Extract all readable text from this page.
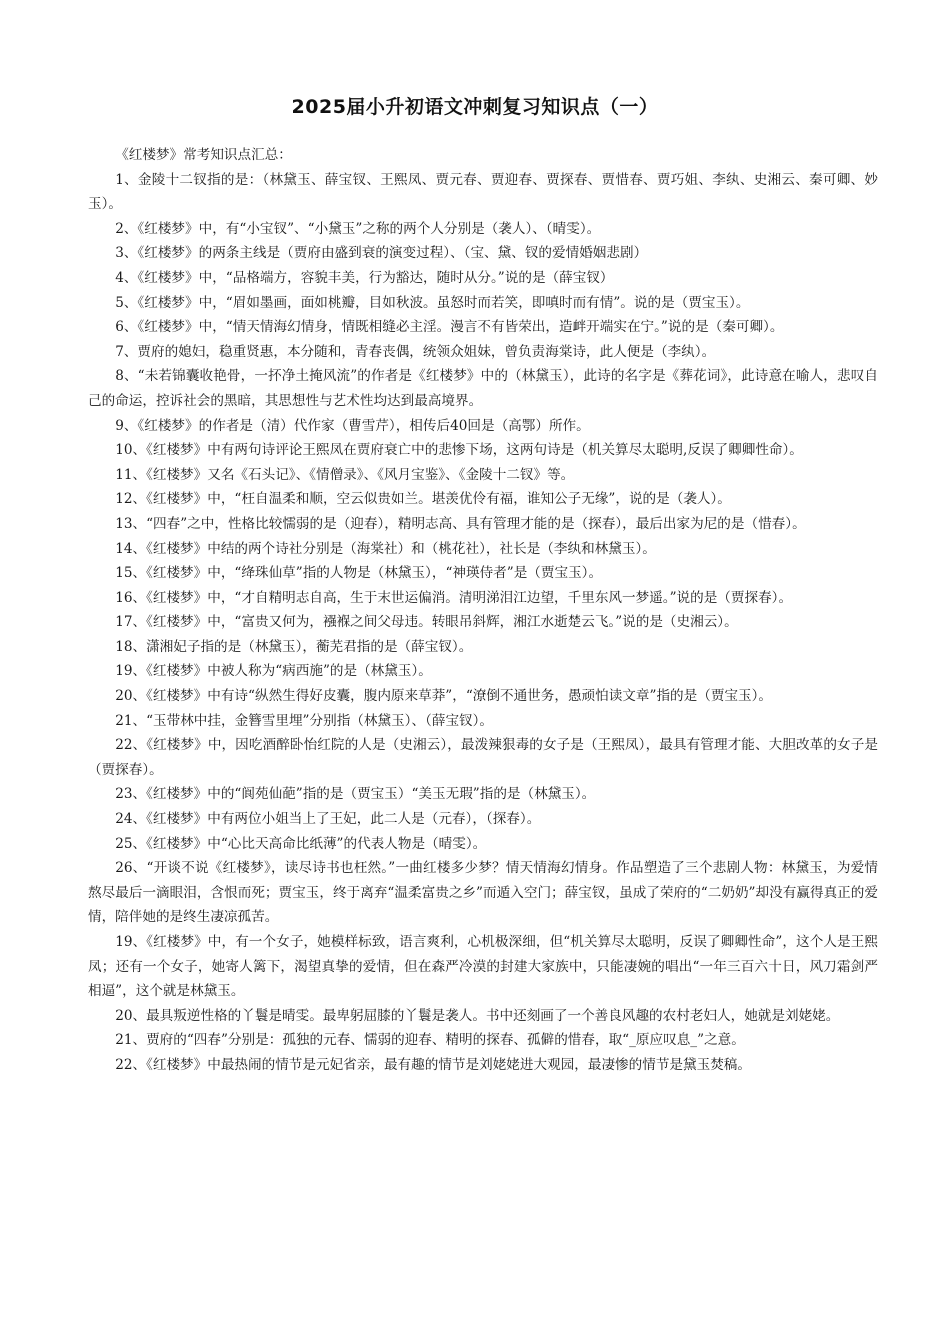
2025届小升初语文冲刺复习知识点（一）

《红楼梦》常考知识点汇总：

1、金陵十二钗指的是：（林黛玉、薛宝钗、王熙凤、贾元春、贾迎春、贾探春、贾惜春、贾巧姐、李纨、史湘云、秦可卿、妙玉）。

2、《红楼梦》中，有“小宝钗”、“小黛玉”之称的两个人分别是（袭人）、（晴雯）。

3、《红楼梦》的两条主线是（贾府由盛到衰的演变过程）、（宝、黛、钗的爱情婚姻悲剧）

4、《红楼梦》中，“品格端方，容貌丰美，行为豁达，随时从分。”说的是（薛宝钗）

5、《红楼梦》中，“眉如墨画，面如桃瓣，目如秋波。虽怒时而若笑，即嗔时而有情”。说的是（贾宝玉）。

6、《红楼梦》中，“情天情海幻情身，情既相缝必主淫。漫言不有皆荣出，造衅开端实在宁。”说的是（秦可卿）。

7、贾府的媳妇，稳重贤惠，本分随和，青春丧偶，统领众姐妹，曾负责海棠诗，此人便是（李纨）。

8、“未若锦囊收艳骨，一抔净土掩风流”的作者是《红楼梦》中的（林黛玉），此诗的名字是《葬花词》，此诗意在喻人，悲叹自己的命运，控诉社会的黑暗，其思想性与艺术性均达到最高境界。

9、《红楼梦》的作者是（清）代作家（曹雪芹），相传后40回是（高鄂）所作。

10、《红楼梦》中有两句诗评论王熙凤在贾府衰亡中的悲惨下场，这两句诗是（机关算尽太聪明,反误了卿卿性命）。

11、《红楼梦》又名《石头记》、《情僧录》、《风月宝鉴》、《金陵十二钗》等。

12、《红楼梦》中，“枉自温柔和顺，空云似贵如兰。堪羡优伶有福，谁知公子无缘”，说的是（袭人）。

13、“四春”之中，性格比较懦弱的是（迎春），精明志高、具有管理才能的是（探春），最后出家为尼的是（惜春）。

14、《红楼梦》中结的两个诗社分别是（海棠社）和（桃花社），社长是（李纨和林黛玉）。

15、《红楼梦》中，“绛珠仙草”指的人物是（林黛玉），“神瑛侍者”是（贾宝玉）。

16、《红楼梦》中，“才自精明志自高，生于末世运偏消。清明涕泪江边望，千里东风一梦遥。”说的是（贾探春）。

17、《红楼梦》中，“富贵又何为，襁褓之间父母违。转眼吊斜辉，湘江水逝楚云飞。”说的是（史湘云）。

18、潇湘妃子指的是（林黛玉），蘅芜君指的是（薛宝钗）。

19、《红楼梦》中被人称为“病西施”的是（林黛玉）。

20、《红楼梦》中有诗“纵然生得好皮囊，腹内原来草莽”，“潦倒不通世务，愚顽怕读文章”指的是（贾宝玉）。

21、“玉带林中挂，金簪雪里埋”分别指（林黛玉）、（薛宝钗）。

22、《红楼梦》中，因吃酒醉卧怡红院的人是（史湘云），最泼辣狠毒的女子是（王熙凤），最具有管理才能、大胆改革的女子是（贾探春）。

23、《红楼梦》中的“阆苑仙葩”指的是（贾宝玉）“美玉无瑕”指的是（林黛玉）。

24、《红楼梦》中有两位小姐当上了王妃，此二人是（元春），（探春）。

25、《红楼梦》中“心比天高命比纸薄”的代表人物是（晴雯）。

26、“开谈不说《红楼梦》，读尽诗书也枉然。”一曲红楼多少梦？情天情海幻情身。作品塑造了三个悲剧人物：林黛玉，为爱情熬尽最后一滴眼泪，含恨而死；贾宝玉，终于离弃“温柔富贵之乡”而遁入空门；薛宝钗，虽成了荣府的“二奶奶”却没有赢得真正的爱情，陪伴她的是终生凄凉孤苦。

19、《红楼梦》中，有一个女子，她模样标致，语言爽利，心机极深细，但“机关算尽太聪明，反误了卿卿性命”，这个人是王熙凤；还有一个女子，她寄人篱下，渴望真挚的爱情，但在森严冷漠的封建大家族中，只能凄婉的唱出“一年三百六十日，风刀霜剑严相逼”，这个就是林黛玉。

20、最具叛逆性格的丫鬟是晴雯。最卑躬屈膝的丫鬟是袭人。书中还刻画了一个善良风趣的农村老妇人，她就是刘姥姥。

21、贾府的“四春”分别是：孤独的元春、懦弱的迎春、精明的探春、孤僻的惜春，取“_原应叹息_”之意。

22、《红楼梦》中最热闹的情节是元妃省亲，最有趣的情节是刘姥姥进大观园，最凄惨的情节是黛玉焚稿。
